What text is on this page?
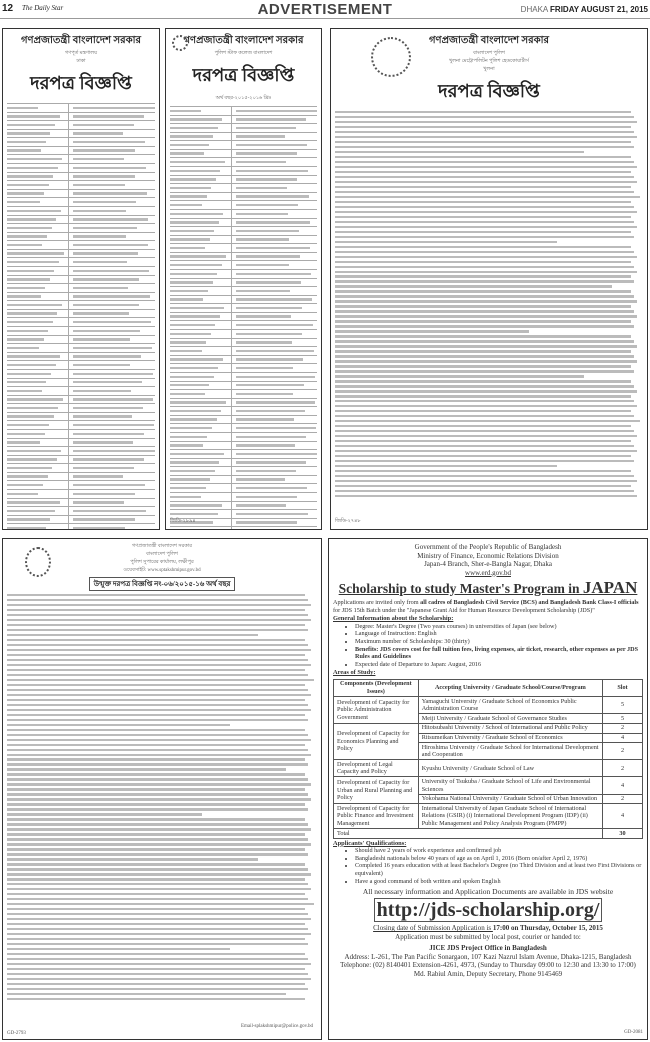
12 The Daily Star	ADVERTISEMENT	DHAKA FRIDAY AUGUST 21, 2015
গণপ্রজাতন্ত্রী বাংলাদেশ সরকার
গণপূর্ত মন্ত্রণালয়
ঢাকা
দরপত্র বিজ্ঞপ্তি
গণপ্রজাতন্ত্রী বাংলাদেশ সরকার
পুলিশ স্টাফ কলেজ বাংলাদেশ
দরপত্র বিজ্ঞপ্তি
অর্থ বছর-২০১৫-২০১৬ খ্রিঃ
জিডি-২৮৯৪
গণপ্রজাতন্ত্রী বাংলাদেশ সরকার
বাংলাদেশ পুলিশ
খুলনা মেট্রোপলিটন পুলিশ হেডকোয়ার্টার্স
খুলনা
দরপত্র বিজ্ঞপ্তি
জিডি-২৭৪৮
গণপ্রজাতন্ত্রী বাংলাদেশ সরকার
বাংলাদেশ পুলিশ
পুলিশ সুপারের কার্যালয়, লক্ষীপুর
ওয়েবসাইট: www.sptakshmipur.gov.bd
উন্মুক্ত দরপত্র বিজ্ঞপ্তি নং-০৬/২০১৫-১৬ অর্থ বছর
Email-splakshmipur@police.gov.bd
GD-2793
Government of the People's Republic of Bangladesh
Ministry of Finance, Economic Relations Division
Japan-4 Branch, Sher-e-Bangla Nagar, Dhaka
www.erd.gov.bd
Scholarship to study Master's Program in JAPAN
Applications are invited only from all cadres of Bangladesh Civil Service (BCS) and Bangladesh Bank Class-I officials for JDS 15th Batch under the "Japanese Grant Aid for Human Resource Development Scholarship (JDS)"
General Information about the Scholarship:
• Degree: Master's Degree (Two years courses) in universities of Japan (see below)
• Language of Instruction: English
• Maximum number of Scholarships: 30 (thirty)
• Benefits: JDS covers cost for full tuition fees, living expenses, air ticket, research, other expenses as per JDS Rules and Guidelines
• Expected date of Departure to Japan: August, 2016
Areas of Study:
Components (Development Issues)	Accepting University / Graduate School/Course/Program	Slot
Development of Capacity for Public Administration Government	Yamaguchi University / Graduate School of Economics Public Administration Course	5
	Meiji University / Graduate School of Governance Studies	5
Development of Capacity for Economics Planning and Policy	Hitotsubashi University / School of International and Public Policy	2
	Ritsumeikan University / Graduate School of Economics	4
	Hiroshima University / Graduate School for International Development and Cooperation	2
Development of Legal Capacity and Policy	Kyushu University / Graduate School of Law	2
Development of Capacity for Urban and Rural Planning and Policy	University of Tsukuba / Graduate School of Life and Environmental Sciences	4
	Yokohama National University / Graduate School of Urban Innovation	2
Development of Capacity for Public Finance and Investment Management	International University of Japan Graduate School of International Relations (GSIR) (i) International Development Program (IDP) (ii) Public Management and Policy Analysis Program (PMPP)	4
Total		30
Applicants' Qualifications:
• Should have 2 years of work experience and confirmed job
• Bangladeshi nationals below 40 years of age as on April 1, 2016 (Born on/after April 2, 1976)
• Completed 16 years education with at least Bachelor's Degree (no Third Division and at least two First Divisions or equivalent)
• Have a good command of both written and spoken English
All necessary information and Application Documents are available in JDS website
http://jds-scholarship.org/
Closing date of Submission Application is 17:00 on Thursday, October 15, 2015
Application must be submitted by local post, courier or handed to:
JICE JDS Project Office in Bangladesh
Address: L-261, The Pan Pacific Sonargaon, 107 Kazi Nazrul Islam Avenue, Dhaka-1215, Bangladesh
Telephone: (02) 8140401 Extension-4261, 4973, (Sunday to Thursday 09:00 to 12:30 and 13:30 to 17:00)
Md. Rabiul Amin, Deputy Secretary, Phone 9145469
GD-2081
